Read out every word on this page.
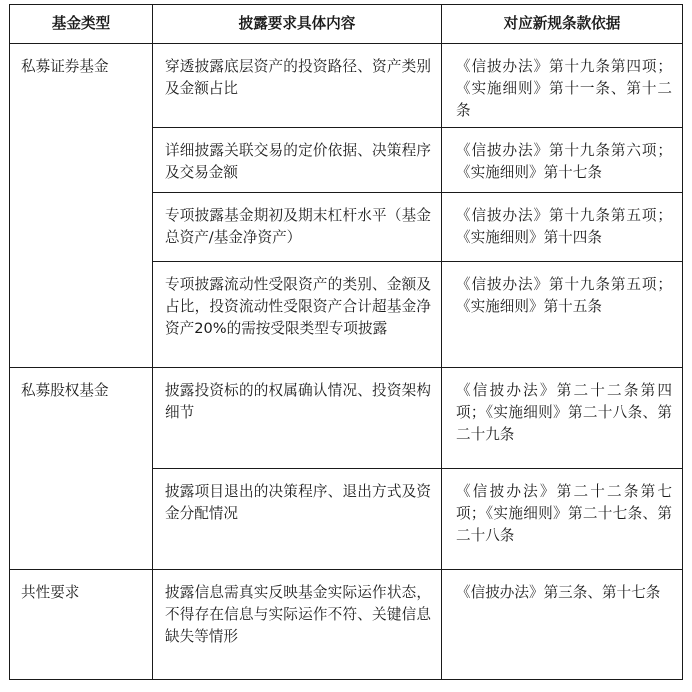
基金类型	披露要求具体内容	对应新规条款依据
私募证券基金	穿透披露底层资产的投资路径、资产类别及金额占比	《信披办法》第十九条第四项；《实施细则》第十一条、第十二条
	详细披露关联交易的定价依据、决策程序及交易金额	《信披办法》第十九条第六项；《实施细则》第十七条
	专项披露基金期初及期末杠杆水平（基金总资产/基金净资产）	《信披办法》第十九条第五项；《实施细则》第十四条
	专项披露流动性受限资产的类别、金额及占比，投资流动性受限资产合计超基金净资产20%的需按受限类型专项披露	《信披办法》第十九条第五项；《实施细则》第十五条
私募股权基金	披露投资标的的权属确认情况、投资架构细节	《信披办法》第二十二条第四项；《实施细则》第二十八条、第二十九条
	披露项目退出的决策程序、退出方式及资金分配情况	《信披办法》第二十二条第七项；《实施细则》第二十七条、第二十八条
共性要求	披露信息需真实反映基金实际运作状态，不得存在信息与实际运作不符、关键信息缺失等情形	《信披办法》第三条、第十七条
